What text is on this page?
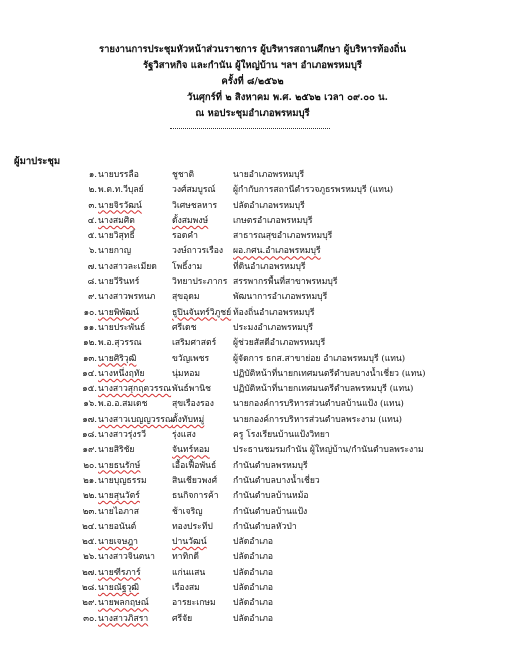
รายงานการประชุมหัวหน้าส่วนราชการ ผู้บริหารสถานศึกษา ผู้บริหารท้องถิ่น
รัฐวิสาหกิจ และกำนัน ผู้ใหญ่บ้าน ฯลฯ อำเภอพรหมบุรี
ครั้งที่ ๘/๒๕๖๒
วันศุกร์ที่ ๒ สิงหาคม พ.ศ. ๒๕๖๒ เวลา ๐๙.๐๐ น.
ณ หอประชุมอำเภอพรหมบุรี
ผู้มาประชุม
๑. นายบรรลือ	ชูชาติ	นายอำเภอพรหมบุรี
๒. พ.ต.ท.วีบุลย์	วงศ์สมบูรณ์ ผู้กำกับการสถานีตำรวจภูธรพรหมบุรี (แทน)
๓. นายจิรวัฒน์	วิเศษชลหาร ปลัดอำเภอพรหมบุรี
๔. นางสมศิต	ดั้งสมพงษ์	เกษตรอำเภอพรหมบุรี
๕. นายวิสุทธิ์	รอดคำ	สาธารณสุขอำเภอพรหมบุรี
๖. นายกาญ	วงษ์ถาวรเรือง ผอ.กศน.อำเภอพรหมบุรี
๗. นางสาวละเมียด โพธิ์งาม	ที่ดินอำเภอพรหมบุรี
๘. นายวีรินทร์	วิทยาประภากร สรรพากรพื้นที่สาขาพรหมบุรี
๙. นางสาวพรทนภ สุขอุดม	พัฒนาการอำเภอพรหมบุรี
๑๐. นายพิพัฒน์	ธูปินจันทร์วิภูชย์ ท้องถิ่นอำเภอพรหมบุรี
๑๑. นายประพันธ์	ศรีเดช	ประมงอำเภอพรหมบุรี
๑๒. พ.อ.สุวรรณ	เสริมศาสตร์ ผู้ช่วยสัสดีอำเภอพรหมบุรี
๑๓. นายศิริวุฒิ	ขวัญเพชร	ผู้จัดการ ธกส.สาขาย่อย อำเภอพรหมบุรี (แทน)
๑๔. นางหนึ่งฤทัย	นุ่มหอม	ปฏิบัติหน้าที่นายกเทศมนตรีตำบลบางน้ำเชี่ยว (แทน)
๑๕. นางสาวสุกฤตวรรณ พันธ์พานิช	ปฏิบัติหน้าที่นายกเทศมนตรีตำบลพรหมบุรี (แทน)
๑๖. พ.อ.อ.สมเดช	สุขเรืองรอง นายกองค์การบริหารส่วนตำบลบ้านแป้ง (แทน)
๑๗. นางสาวเบญญวรรณ ตั้งทับหมู่	นายกองค์การบริหารส่วนตำบลพระงาม (แทน)
๑๘. นางสาวรุ่งรวี	รุ่งแสง	ครู โรงเรียนบ้านแป้งวิทยา
๑๙. นายสิริชัย	จันทร์หอม	ประธานชมรมกำนัน ผู้ใหญ่บ้าน/กำนันตำบลพระงาม
๒๐. นายธนรักษ์	เอื้อเฟื้อพันธ์ กำนันตำบลพรหมบุรี
๒๑. นายบุญธรรม	สินเชียวพงศ์ กำนันตำบลบางน้ำเชี่ยว
๒๒. นายสุนวัตร์	ธนกิจการค้า กำนันตำบลบ้านหม้อ
๒๓. นายไอภาส	ช้าเจริญ	กำนันตำบลบ้านแป้ง
๒๔. นายอนันต์	ทองประทีป กำนันตำบลหัวป่า
๒๕. นายเจษฎา	ปานวัฒน์	ปลัดอำเภอ
๒๖. นางสาวจินตนา ทาทิกดี	ปลัดอำเภอ
๒๗. นายฑีรภาร์	แก่นแสน	ปลัดอำเภอ
๒๘. นายณัฐวุฒิ	เรืองสม	ปลัดอำเภอ
๒๙. นายพลกฤษณ์	อารยะเกษม ปลัดอำเภอ
๓๐. นางสาวภิสรา	ศรีจัย	ปลัดอำเภอ
